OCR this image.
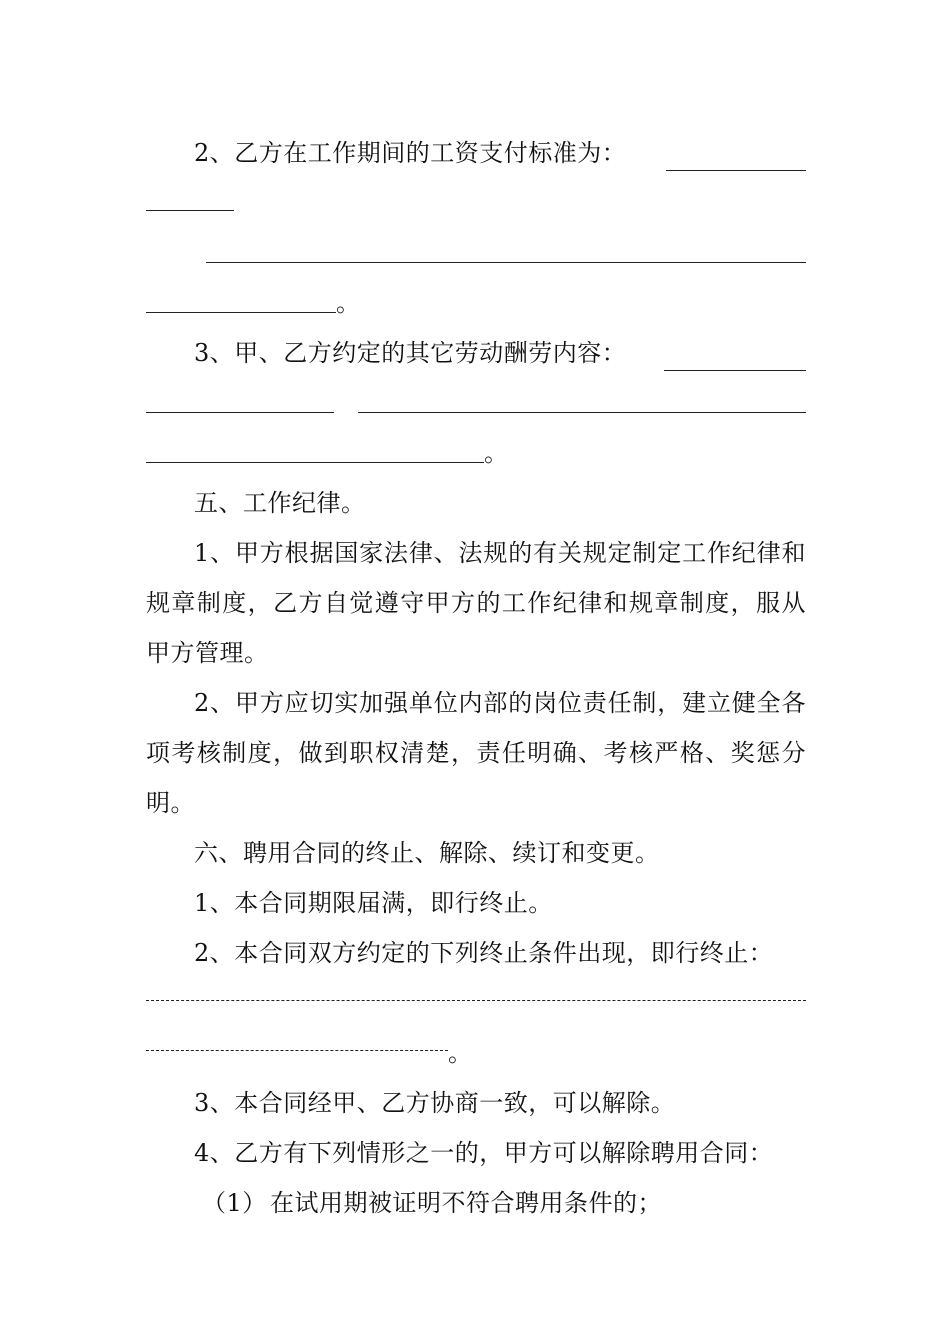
2、乙方在工作期间的工资支付标准为：
。
3、甲、乙方约定的其它劳动酬劳内容：
。

五、工作纪律。

1、甲方根据国家法律、法规的有关规定制定工作纪律和规章制度，乙方自觉遵守甲方的工作纪律和规章制度，服从甲方管理。

2、甲方应切实加强单位内部的岗位责任制，建立健全各项考核制度，做到职权清楚，责任明确、考核严格、奖惩分明。

六、聘用合同的终止、解除、续订和变更。

1、本合同期限届满，即行终止。

2、本合同双方约定的下列终止条件出现，即行终止：

。

3、本合同经甲、乙方协商一致，可以解除。

4、乙方有下列情形之一的，甲方可以解除聘用合同：

（1） 在试用期被证明不符合聘用条件的；
